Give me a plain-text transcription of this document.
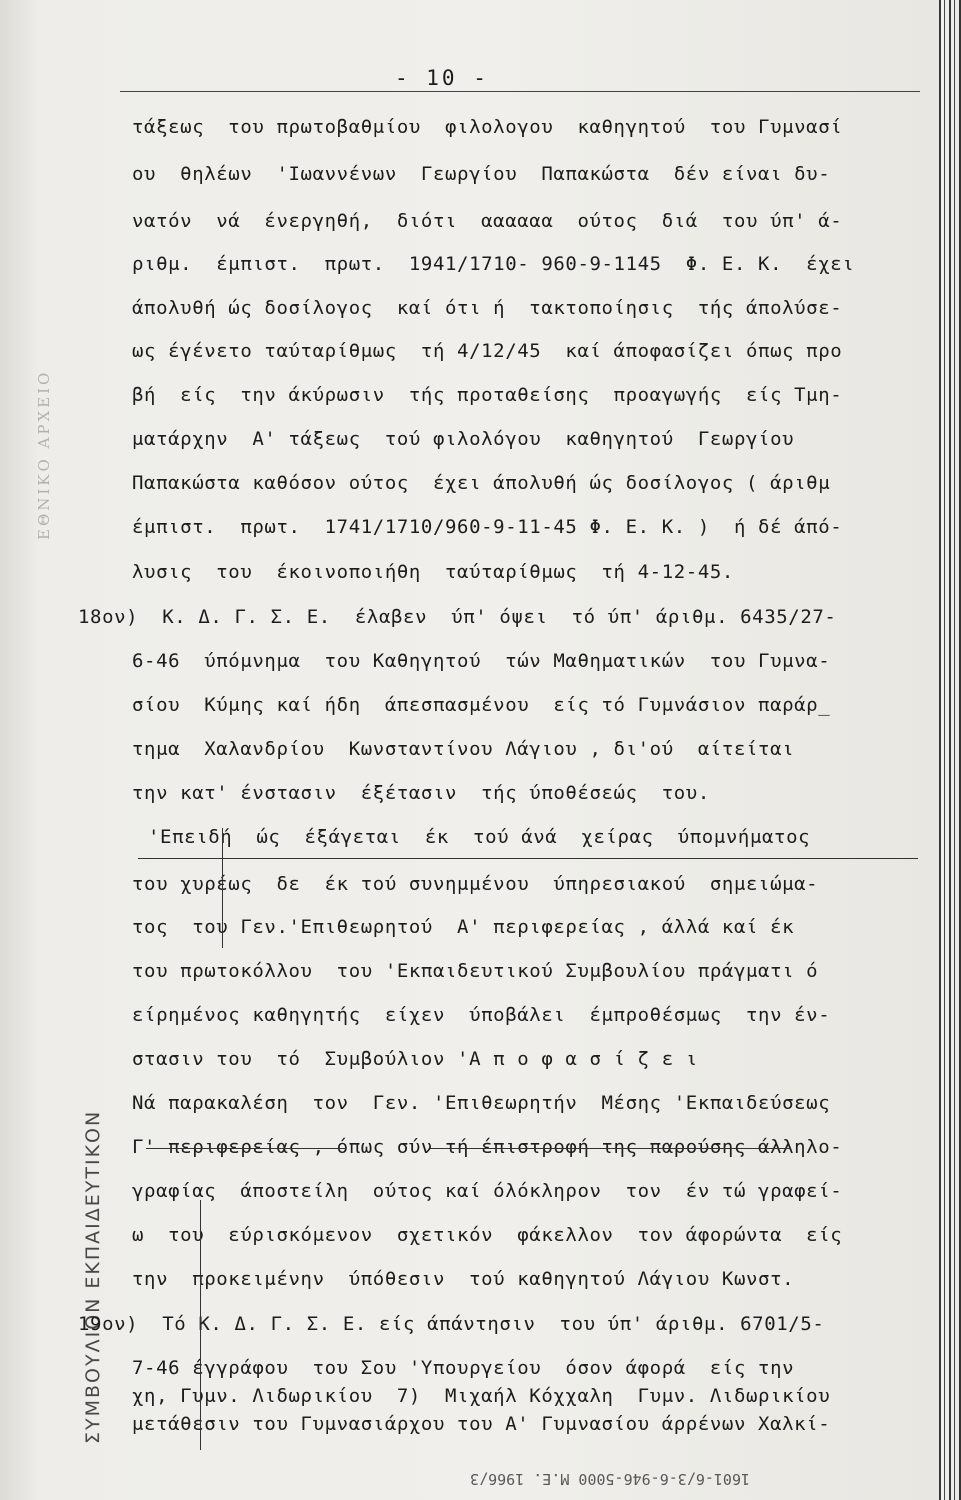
ΕΘΝΙΚΟ ΑΡΧΕΙΟ
ΣΥΜΒΟΥΛΙΟΝ ΕΚΠΑΙΔΕΥΤΙΚΟΝ
- 10 -
τάξεως  του πρωτοβαθμίου  φιλολογου  καθηγητού  του Γυμνασί
ου  θηλέων  'Ιωαννένων  Γεωργίου  Παπακώστα  δέν είναι δυ-
νατόν  νά  ένεργηθή,  διότι  αααααα  ούτος  διά  του ύπ' ά-
ριθμ.  έμπιστ.  πρωτ.  1941/1710- 960-9-1145  Φ. Ε. Κ.  έχει
άπολυθή ώς δοσίλογος  καί ότι ή  τακτοποίησις  τής άπολύσε-
ως έγένετο ταύταρίθμως  τή 4/12/45  καί άποφασίζει όπως προ
βή  είς  την άκύρωσιν  τής προταθείσης  προαγωγής  είς Τμη-
ματάρχην  Α' τάξεως  τού φιλολόγου  καθηγητού  Γεωργίου
Παπακώστα καθόσον ούτος  έχει άπολυθή ώς δοσίλογος ( άριθμ
έμπιστ.  πρωτ.  1741/1710/960-9-11-45 Φ. Ε. Κ. )  ή δέ άπό-
λυσις  του  έκοινοποιήθη  ταύταρίθμως  τή 4-12-45.
18ον)  Κ. Δ. Γ. Σ. Ε.  έλαβεν  ύπ' όψει  τό ύπ' άριθμ. 6435/27-
6-46  ύπόμνημα  του Καθηγητού  τών Μαθηματικών  του Γυμνα-
σίου  Κύμης καί ήδη  άπεσπασμένου  είς τό Γυμνάσιον παράρ_
τημα  Χαλανδρίου  Κωνσταντίνου Λάγιου , δι'ού  αίτείται
την κατ' ένστασιν  έξέτασιν  τής ύποθέσεώς  του.
'Επειδή  ώς  έξάγεται  έκ  τού άνά  χείρας  ύπομνήματος
του χυρέως  δε  έκ τού συνημμένου  ύπηρεσιακού  σημειώμα-
τος  του Γεν.'Επιθεωρητού  Α' περιφερείας , άλλά καί έκ
του πρωτοκόλλου  του 'Εκπαιδευτικού Συμβουλίου πράγματι ό
είρημένος καθηγητής  είχεν  ύποβάλει  έμπροθέσμως  την έν-
στασιν του  τό  Συμβούλιον 'Α π ο φ α σ ί ζ ε ι
Νά παρακαλέση  τον  Γεν. 'Επιθεωρητήν  Μέσης 'Εκπαιδεύσεως
Γ' περιφερείας , όπως σύν τή έπιστροφή της παρούσης άλληλο-
γραφίας  άποστείλη  ούτος καί όλόκληρον  τον  έν τώ γραφεί-
ω  του  εύρισκόμενον  σχετικόν  φάκελλον  τον άφορώντα  είς
την  προκειμένην  ύπόθεσιν  τού καθηγητού Λάγιου Κωνστ.
19ον)  Τό Κ. Δ. Γ. Σ. Ε. είς άπάντησιν  του ύπ' άριθμ. 6701/5-
7-46 έγγράφου  του Σου 'Υπουργείου  όσον άφορά  είς την
χη, Γυμν. Λιδωρικίου  7)  Μιχαήλ Κόχχαλη  Γυμν. Λιδωρικίου
μετάθεσιν του Γυμνασιάρχου του Α' Γυμνασίου άρρένων Χαλκί-
1601-6/3-6-946-5000 Μ.Ε. 1966/3
